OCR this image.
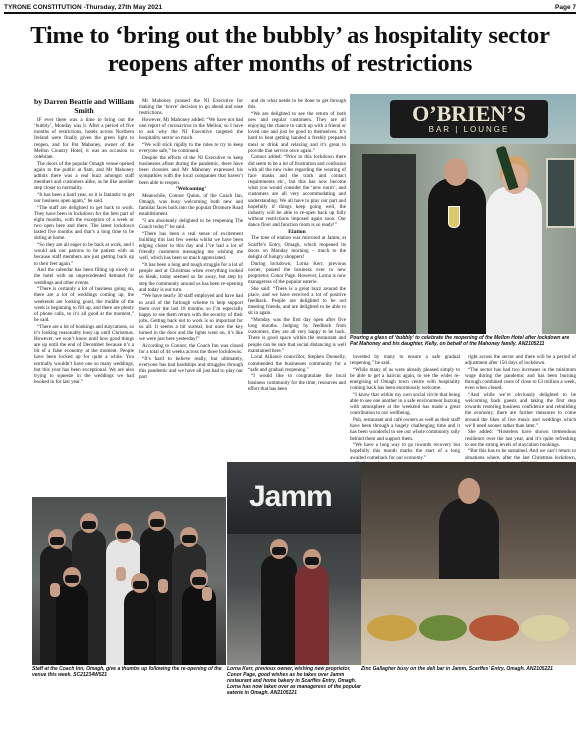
TYRONE CONSTITUTION -Thursday, 27th May 2021	Page 7
Time to ‘bring out the bubbly’ as hospitality sector reopens after months of restrictions

by Darren Beattie and William Smith

IF ever there was a time to bring out the ‘bubbly’, Monday was it. After a period of five months of restrictions, hotels across Northern Ireland were finally given the green light to reopen, and for Pat Mahoney, owner of the Mellon Country Hotel, it was an occasion to celebrate.

The doors of the popular Omagh venue opened again to the public at 9am, and Mr Mahoney admits there was a real buzz amongst staff members and customers alike, as he like another step closer to normality.

“It has been a hard year, so it is fantastic to get our business open again,” he said.

“The staff are delighted to get back to work. They have been in lockdown for the best part of eight months, with the exception of a week or two open here and there. The latest lockdown lasted five months and that’s a long time to be sitting at home.

“So they are all eager to be back at work, and I would ask our patrons to be patient with us because staff members are just getting back up to their feet again.”

And the calendar has been filling up nicely at the hotel with an unprecedented demand for weddings and other events.

“There is certainly a lot of business going on, there are a lot of weddings coming up, the weekends are looking good, the middle of the week is beginning to fill up, and there are plenty of phone calls, so it’s all good at the moment,” he said.

“There are a lot of bookings and staycations, so it’s looking reasonably busy up until Christmas. However, we won’t know until how good things are up until the end of December because it’s a bit of a false economy at the moment. People have been locked up for quite a while. You normally wouldn’t have one so many weddings, but this year has been exceptional. We are also trying to squeeze in the weddings we had booked in for last year.”

Mr Mahoney praised the NI Executive for making the ‘brave’ decision to go ahead and ease restrictions.

However, Mr Mahoney added: “We have not had one report of coronavirus in the Mellon, so I have to ask why the NI Executive targeted the hospitality sector so much.

“We will stick rigidly to the rules to try to keep everyone safe,” he continued.

Despite the efforts of the NI Executive to keep businesses afloat during the pandemic, there have been closures and Mr Mahoney expressed his sympathies with the local companies that haven’t been able to reopen.

‘Welcoming’

Meanwhile, Connor Quinn, of the Coach Inn, Omagh, was busy welcoming both new and familiar faces back into the popular Dromore Road establishment.

“I am absolutely delighted to be reopening The Coach today!” he said.

“There has been a real sense of excitement building this last few weeks whilst we have been edging closer to this day and I’ve had a lot of friendly customers messaging me wishing me well, which has been so much appreciated.

“It has been a long and tough struggle for a lot of people and at Christmas when everything looked so bleak, today seemed so far away, but step by step the community around us has been re-opening and today is our turn.

“We have nearly 30 staff employed and have had to avail of the furlough scheme to help support them over the last 18 months, so I’m especially happy to see them return with the security of their jobs. Getting back out to work is so important for us all. It seems a bit surreal, but once the key turned in the door and the lights went on, it’s like we were just here yesterday!”

According to Connor, the Coach Inn was closed for a total of 44 weeks across the three lockdowns.

“It’s hard to believe really, but ultimately, everyone has had hardships and struggles through this pandemic and we have all just had to play our part

and do what needs to be done to get through this.

“We are delighted to see the return of both new and regular customers. They are all enjoying the chance to catch up with a friend or loved one and just be good to themselves. It’s hard to beat getting handed a freshly prepared meal or drink and relaxing and it’s great to provide that service once again.”

Connor added: “Prior to this lockdown there did seem to be a lot of frustration and confusion with all the new rules regarding the wearing of face masks and the track and contact requirements etc., but this has now become what you would consider the ‘new norm’, and customers are all very accommodating and understanding. We all have to play our part and hopefully if things keep going well, the industry will be able to re-open back up fully without restrictions imposed again soon. Our dance floor and function room is so ready!”

Elation

The tone of elation was mirrored at Jamm, at Scarffe’s Entry, Omagh, which reopened its doors on Monday morning – much to the delight of hungry shoppers!

During lockdown, Lorna Kerr, previous owner, passed the business over to new proprietor, Conor Page. However, Lorna is now manageress of the popular eaterie.

She said: “There is a great buzz around the place, and we have received a lot of positive feedback. People are delighted to be out meeting friends, and are delighted to be able to sit in again.

“Monday was the first day open after five long months. Judging by feedback from customers, they are all very happy to be back. There is good space within the restaurant and people can be sure that social distancing is well maintained here.”

Local Alliance councillor, Stephen Donnelly, commended the businesses community for a “safe and gradual reopening.”

“I would like to congratulate the local business community for the time, resources and effort that has been

O’BRIEN’S
BAR | LOUNGE
Pouring a glass of ‘bubbly’ to celebrate the reopening of the Mellon Hotel after lockdown are Pat Mahoney and his daughter, Kelly, on behalf of the Mahoney family. AN2105211

invested by many to ensure a safe gradual reopening,” he said.

“While many of us were already pleased simply to be able to get a haircut again, to see the wider re-energising of Omagh town centre with hospitality coming back has been enormously welcome.

“I know that within my own social circle that being able to see one another in a safe environment buzzing with atmosphere at the weekend has made a great contribution to our wellbeing.

Pub, restaurant and café owners as well as their staff have been through a hugely challenging time and it has been wonderful to see our whole community rally behind them and support them.

“We have a long way to go towards recovery but hopefully this month marks the start of a long awaited comeback for our economy.”

right across the sector and there will be a period of adjustment after 150 days of lockdown.

“The sector has had two increases in the minimum wage during the pandemic and has been burning through combined costs of close to £3 million a week, even when closed.

“And while we’re obviously delighted to be welcoming back guests and taking the first step towards restoring business confidence and rebuilding the economy, there are further measures to come around the likes of live music and weddings which we’ll need sooner rather than later.”

She added: “Hostelers have shown tremendous resilience over the last year, and it’s quite refreshing to see the strong levels of staycation bookings.

“But this has to be sustained. And we can’t return to situations where, after the last Christmas lockdown,

Staff at the Coach Inn, Omagh, give a thumbs up following the re-opening of the venue this week. SC21234W521
Jamm
Lorna Kerr, previous owner, wishing new proprietor, Conor Page, good wishes as he takes over Jamm restaurant and home bakery in Scarffes Entry, Omagh. Lorna has now taken over as manageress of the popular eaterie in Omagh. AN2105121
Zinc Gallagher busy on the deli bar in Jamm, Scarffes’ Entry, Omagh. AN2105221
